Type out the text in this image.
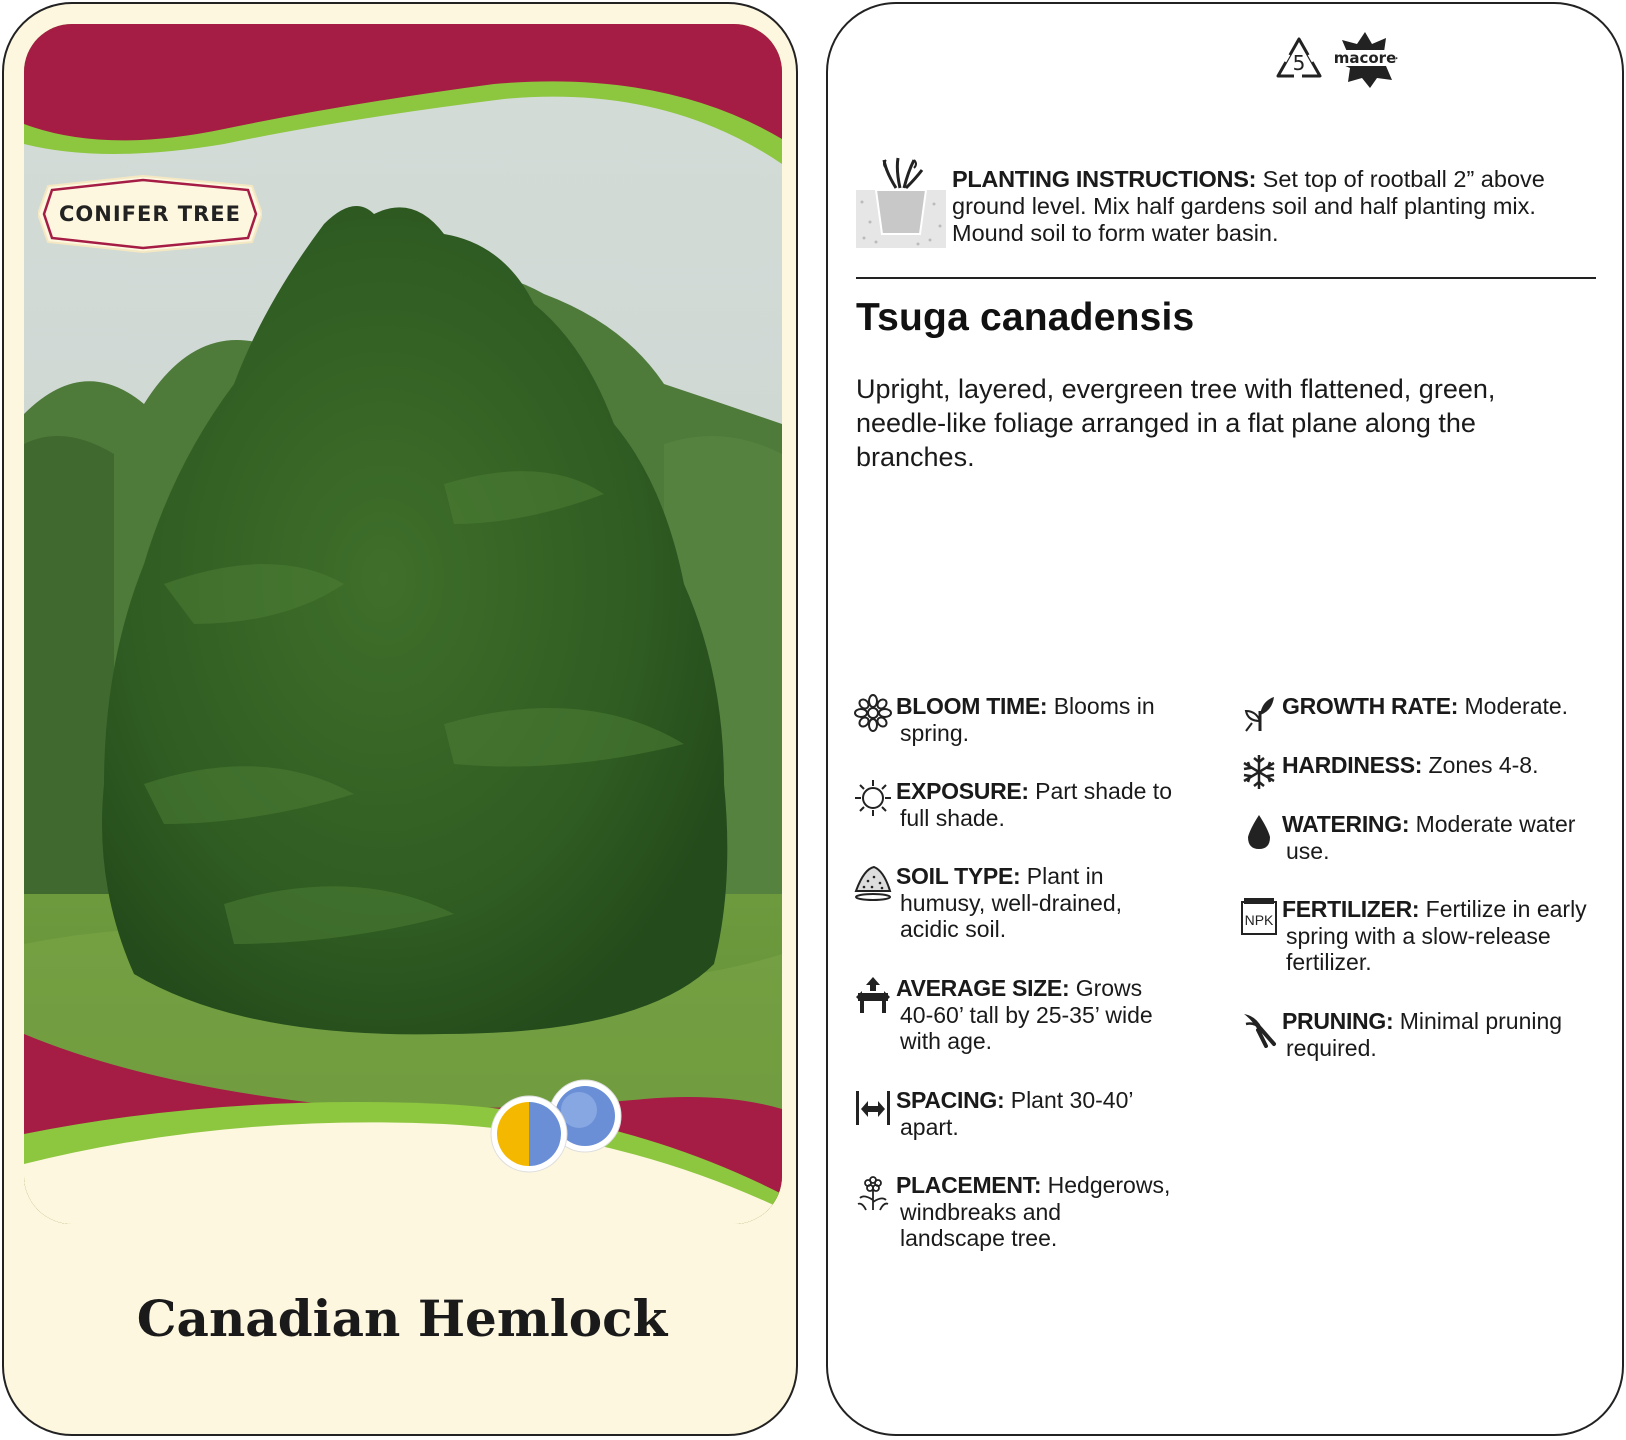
CONIFER TREE
Canadian Hemlock
5 macore
PLANTING INSTRUCTIONS: Set top of rootball 2” above ground level. Mix half gardens soil and half planting mix. Mound soil to form water basin.
Tsuga canadensis
Upright, layered, evergreen tree with flattened, green, needle-like foliage arranged in a flat plane along the branches.
BLOOM TIME: Blooms in
spring.
EXPOSURE: Part shade to
full shade.
SOIL TYPE: Plant in
humusy, well-drained, acidic soil.
AVERAGE SIZE: Grows
40-60’ tall by 25-35’ wide with age.
SPACING: Plant 30-40’
apart.
PLACEMENT: Hedgerows,
windbreaks and landscape tree.
GROWTH RATE: Moderate.
HARDINESS: Zones 4-8.
WATERING: Moderate water
use.
NPK FERTILIZER: Fertilize in early
spring with a slow-release fertilizer.
PRUNING: Minimal pruning
required.
